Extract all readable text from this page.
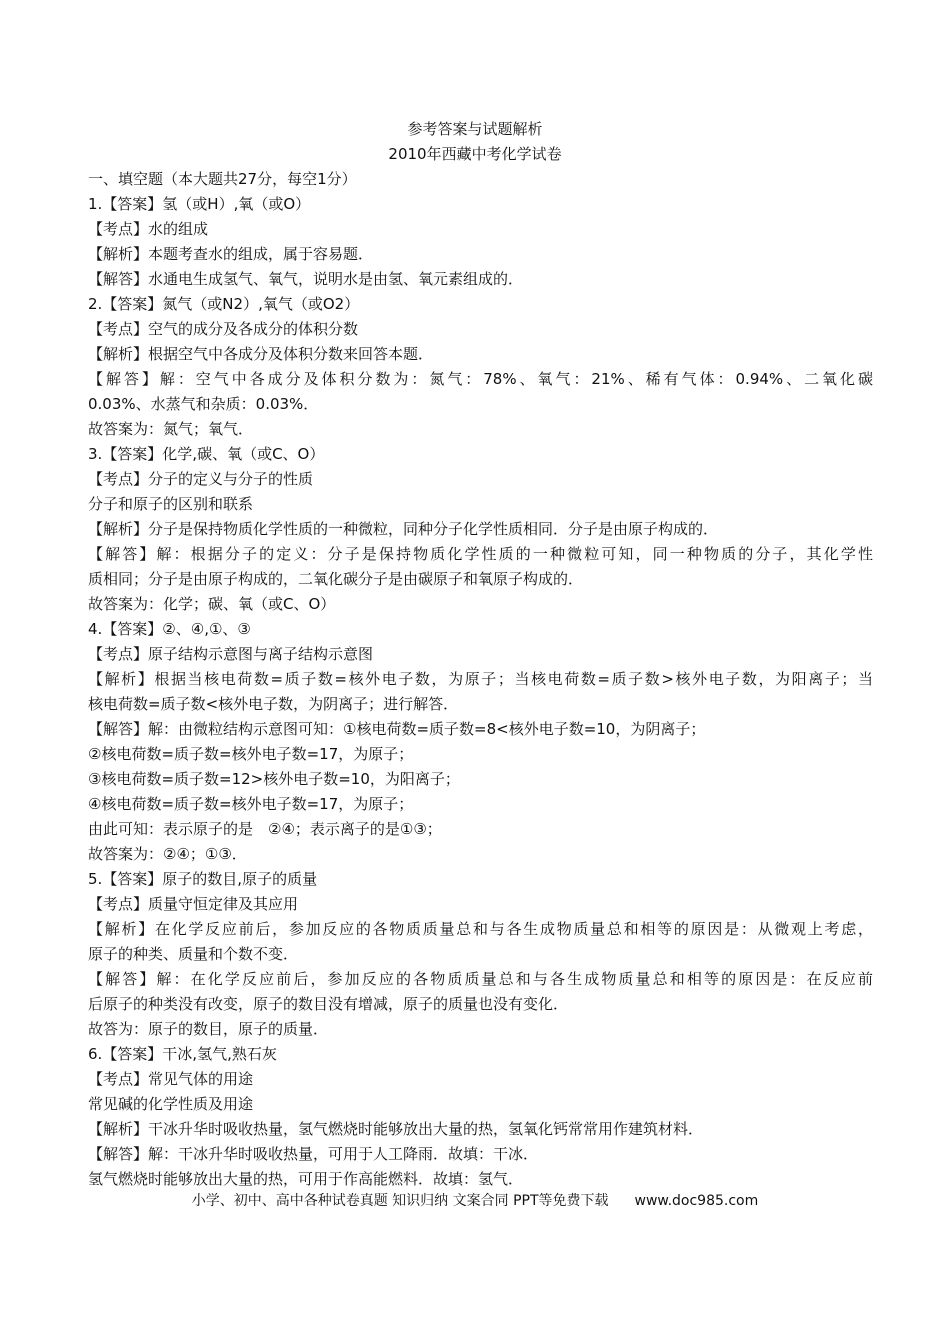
参考答案与试题解析
2010年西藏中考化学试卷
一、填空题（本大题共27分，每空1分）
1.【答案】氢（或H）,氧（或O）
【考点】水的组成
【解析】本题考查水的组成，属于容易题．
【解答】水通电生成氢气、氧气，说明水是由氢、氧元素组成的．
2.【答案】氮气（或N2）,氧气（或O2）
【考点】空气的成分及各成分的体积分数
【解析】根据空气中各成分及体积分数来回答本题．
【解答】解：空气中各成分及体积分数为：氮气：78%、氧气：21%、稀有气体：0.94%、二氧化碳
0.03%、水蒸气和杂质：0.03%．
故答案为：氮气；氧气．
3.【答案】化学,碳、氧（或C、O）
【考点】分子的定义与分子的性质
分子和原子的区别和联系
【解析】分子是保持物质化学性质的一种微粒，同种分子化学性质相同．分子是由原子构成的．
【解答】解：根据分子的定义：分子是保持物质化学性质的一种微粒可知，同一种物质的分子，其化学性
质相同；分子是由原子构成的，二氧化碳分子是由碳原子和氧原子构成的．
故答案为：化学；碳、氧（或C、O）
4.【答案】②、④,①、③
【考点】原子结构示意图与离子结构示意图
【解析】根据当核电荷数=质子数=核外电子数，为原子；当核电荷数=质子数>核外电子数，为阳离子；当
核电荷数=质子数<核外电子数，为阴离子；进行解答．
【解答】解：由微粒结构示意图可知：①核电荷数=质子数=8<核外电子数=10，为阴离子；
②核电荷数=质子数=核外电子数=17，为原子；
③核电荷数=质子数=12>核外电子数=10，为阳离子；
④核电荷数=质子数=核外电子数=17，为原子；
由此可知：表示原子的是　②④；表示离子的是①③；
故答案为：②④；①③．
5.【答案】原子的数目,原子的质量
【考点】质量守恒定律及其应用
【解析】在化学反应前后，参加反应的各物质质量总和与各生成物质量总和相等的原因是：从微观上考虑，
原子的种类、质量和个数不变．
【解答】解：在化学反应前后，参加反应的各物质质量总和与各生成物质量总和相等的原因是：在反应前
后原子的种类没有改变，原子的数目没有增减，原子的质量也没有变化．
故答为：原子的数目，原子的质量．
6.【答案】干冰,氢气,熟石灰
【考点】常见气体的用途
常见碱的化学性质及用途
【解析】干冰升华时吸收热量，氢气燃烧时能够放出大量的热，氢氧化钙常常用作建筑材料．
【解答】解：干冰升华时吸收热量，可用于人工降雨．故填：干冰．
氢气燃烧时能够放出大量的热，可用于作高能燃料．故填：氢气．
小学、初中、高中各种试卷真题 知识归纳 文案合同 PPT等免费下载 www.doc985.com
